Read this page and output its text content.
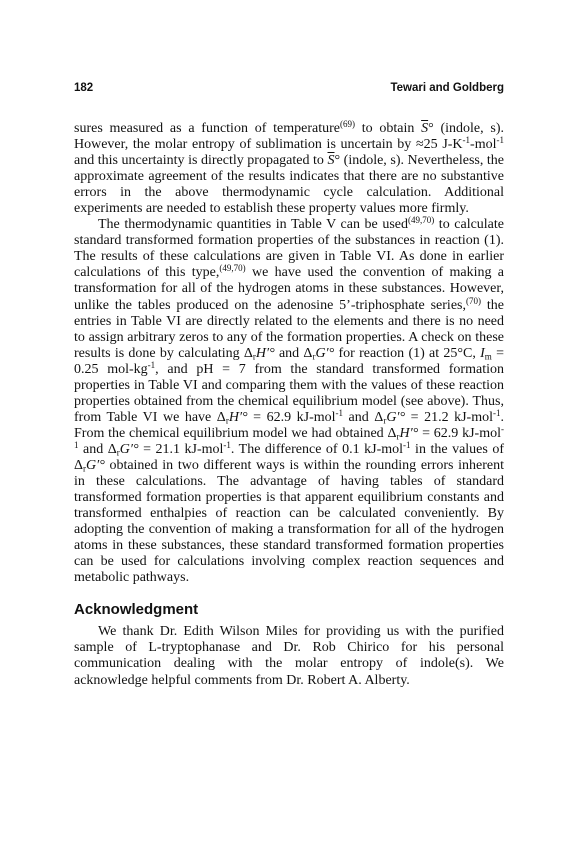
182	Tewari and Goldberg

sures measured as a function of temperature$^{(69)}$ to obtain $\overline{S}^\circ$ (indole, s). However, the molar entropy of sublimation is uncertain by ≈25 $J-K^{-1}-mol^{-1}$ and this uncertainty is directly propagated to $\overline{S}^\circ$ (indole, s). Nevertheless, the approximate agreement of the results indicates that there are no substantive errors in the above thermodynamic cycle calculation. Additional experiments are needed to establish these property values more firmly.

The thermodynamic quantities in Table V can be used$^{(49,70)}$ to calculate standard transformed formation properties of the substances in reaction (1). The results of these calculations are given in Table VI. As done in earlier calculations of this type,$^{(49,70)}$ we have used the convention of making a transformation for all of the hydrogen atoms in these substances. However, unlike the tables produced on the adenosine 5’-triphosphate series,$^{(70)}$ the entries in Table VI are directly related to the elements and there is no need to assign arbitrary zeros to any of the formation properties. A check on these results is done by calculating $\Delta_rH'^\circ$ and $\Delta_rG'^\circ$ for reaction (1) at 25°C, $I_m = 0.25$ mol-$kg^{-1}$, and pH = 7 from the standard transformed formation properties in Table VI and comparing them with the values of these reaction properties obtained from the chemical equilibrium model (see above). Thus, from Table VI we have $\Delta_rH'^\circ = 62.9$ kJ-mol$^{-1}$ and $\Delta_rG'^\circ = 21.2$ kJ-mol$^{-1}$. From the chemical equilibrium model we had obtained $\Delta_rH'^\circ = 62.9$ kJ-mol$^{-1}$ and $\Delta_rG'^\circ = 21.1$ kJ-mol$^{-1}$. The difference of 0.1 kJ-mol$^{-1}$ in the values of $\Delta_rG'^\circ$ obtained in two different ways is within the rounding errors inherent in these calculations. The advantage of having tables of standard transformed formation properties is that apparent equilibrium constants and transformed enthalpies of reaction can be calculated conveniently. By adopting the convention of making a transformation for all of the hydrogen atoms in these substances, these standard transformed formation properties can be used for calculations involving complex reaction sequences and metabolic pathways.

Acknowledgment

We thank Dr. Edith Wilson Miles for providing us with the purified sample of L-tryptophanase and Dr. Rob Chirico for his personal communication dealing with the molar entropy of indole(s). We acknowledge helpful comments from Dr. Robert A. Alberty.
